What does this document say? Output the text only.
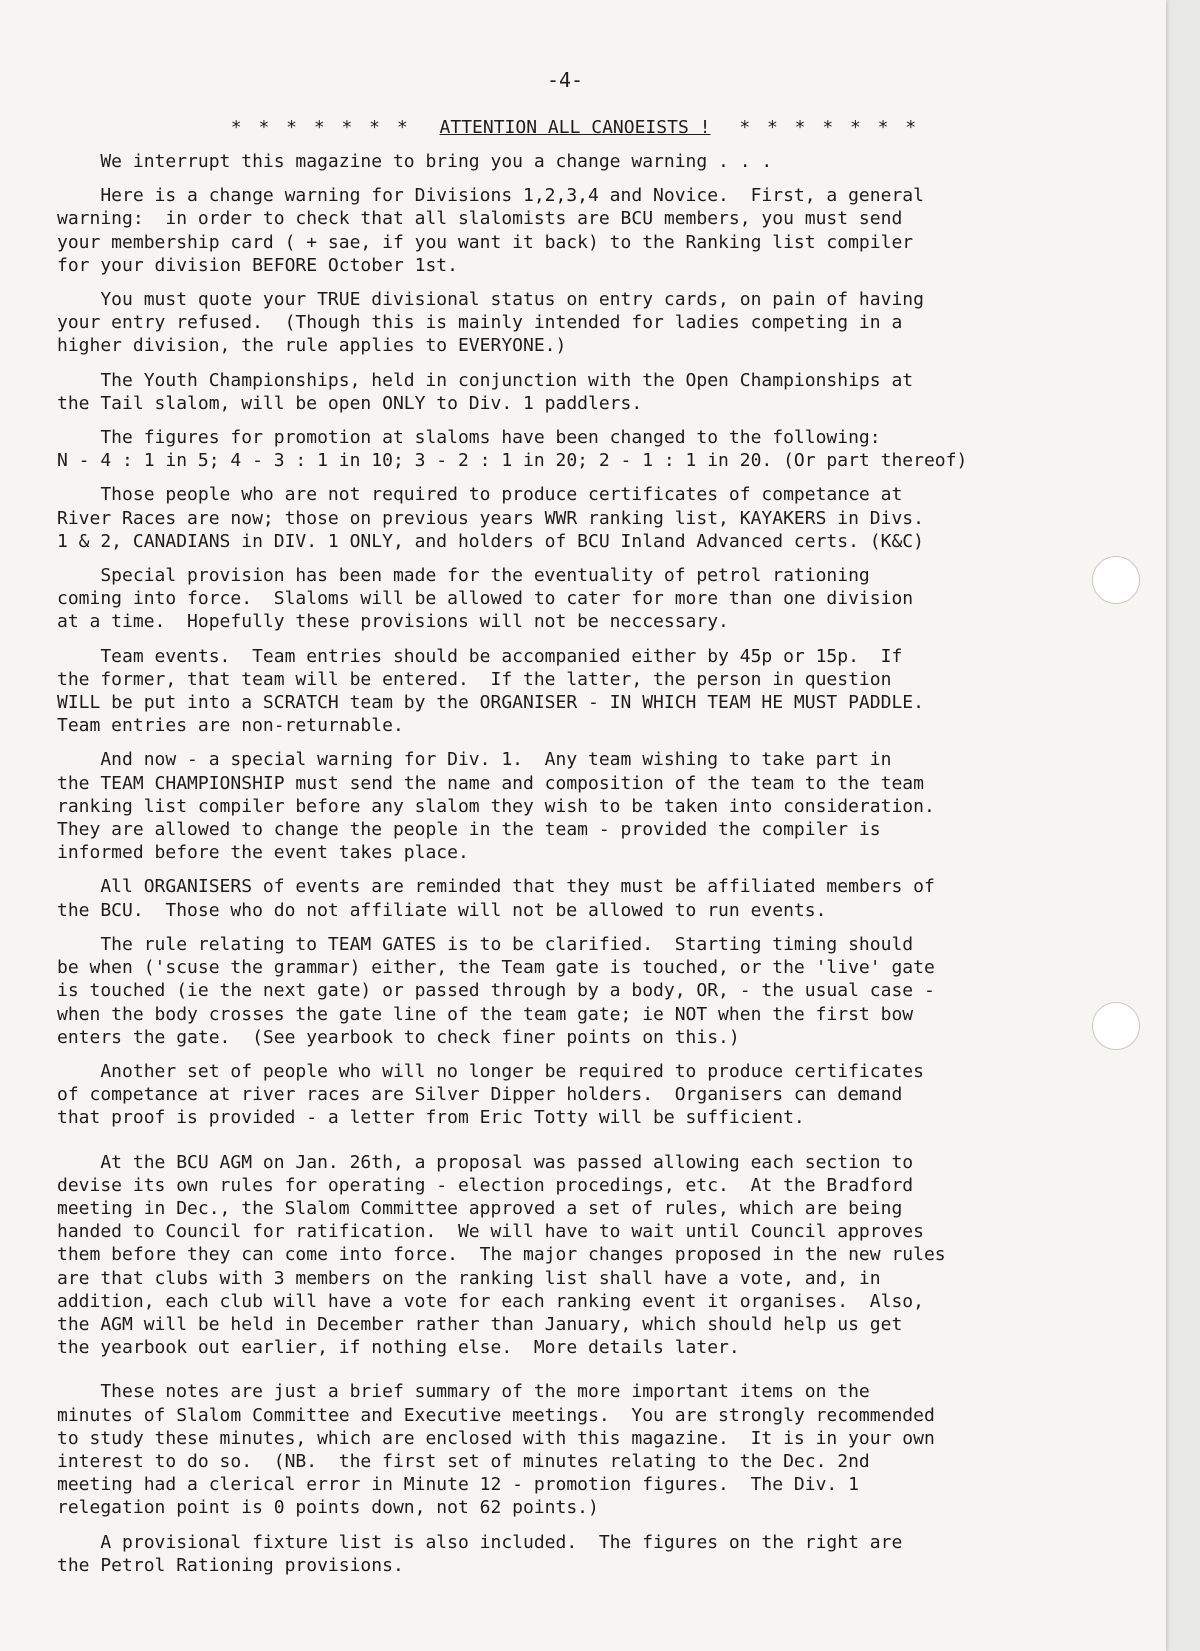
-4-
* * * * * * * ATTENTION ALL CANOEISTS ! * * * * * * *
We interrupt this magazine to bring you a change warning . . .
Here is a change warning for Divisions 1,2,3,4 and Novice.  First, a general
warning:  in order to check that all slalomists are BCU members, you must send
your membership card ( + sae, if you want it back) to the Ranking list compiler
for your division BEFORE October 1st.
You must quote your TRUE divisional status on entry cards, on pain of having
your entry refused.  (Though this is mainly intended for ladies competing in a
higher division, the rule applies to EVERYONE.)
The Youth Championships, held in conjunction with the Open Championships at
the Tail slalom, will be open ONLY to Div. 1 paddlers.
The figures for promotion at slaloms have been changed to the following:
N - 4 : 1 in 5; 4 - 3 : 1 in 10; 3 - 2 : 1 in 20; 2 - 1 : 1 in 20. (Or part thereof)
Those people who are not required to produce certificates of competance at
River Races are now; those on previous years WWR ranking list, KAYAKERS in Divs.
1 & 2, CANADIANS in DIV. 1 ONLY, and holders of BCU Inland Advanced certs. (K&C)
Special provision has been made for the eventuality of petrol rationing
coming into force.  Slaloms will be allowed to cater for more than one division
at a time.  Hopefully these provisions will not be neccessary.
Team events.  Team entries should be accompanied either by 45p or 15p.  If
the former, that team will be entered.  If the latter, the person in question
WILL be put into a SCRATCH team by the ORGANISER - IN WHICH TEAM HE MUST PADDLE.
Team entries are non-returnable.
And now - a special warning for Div. 1.  Any team wishing to take part in
the TEAM CHAMPIONSHIP must send the name and composition of the team to the team
ranking list compiler before any slalom they wish to be taken into consideration.
They are allowed to change the people in the team - provided the compiler is
informed before the event takes place.
All ORGANISERS of events are reminded that they must be affiliated members of
the BCU.  Those who do not affiliate will not be allowed to run events.
The rule relating to TEAM GATES is to be clarified.  Starting timing should
be when ('scuse the grammar) either, the Team gate is touched, or the 'live' gate
is touched (ie the next gate) or passed through by a body, OR, - the usual case -
when the body crosses the gate line of the team gate; ie NOT when the first bow
enters the gate.  (See yearbook to check finer points on this.)
Another set of people who will no longer be required to produce certificates
of competance at river races are Silver Dipper holders.  Organisers can demand
that proof is provided - a letter from Eric Totty will be sufficient.
At the BCU AGM on Jan. 26th, a proposal was passed allowing each section to
devise its own rules for operating - election procedings, etc.  At the Bradford
meeting in Dec., the Slalom Committee approved a set of rules, which are being
handed to Council for ratification.  We will have to wait until Council approves
them before they can come into force.  The major changes proposed in the new rules
are that clubs with 3 members on the ranking list shall have a vote, and, in
addition, each club will have a vote for each ranking event it organises.  Also,
the AGM will be held in December rather than January, which should help us get
the yearbook out earlier, if nothing else.  More details later.
These notes are just a brief summary of the more important items on the
minutes of Slalom Committee and Executive meetings.  You are strongly recommended
to study these minutes, which are enclosed with this magazine.  It is in your own
interest to do so.  (NB.  the first set of minutes relating to the Dec. 2nd
meeting had a clerical error in Minute 12 - promotion figures.  The Div. 1
relegation point is 0 points down, not 62 points.)
A provisional fixture list is also included.  The figures on the right are
the Petrol Rationing provisions.
